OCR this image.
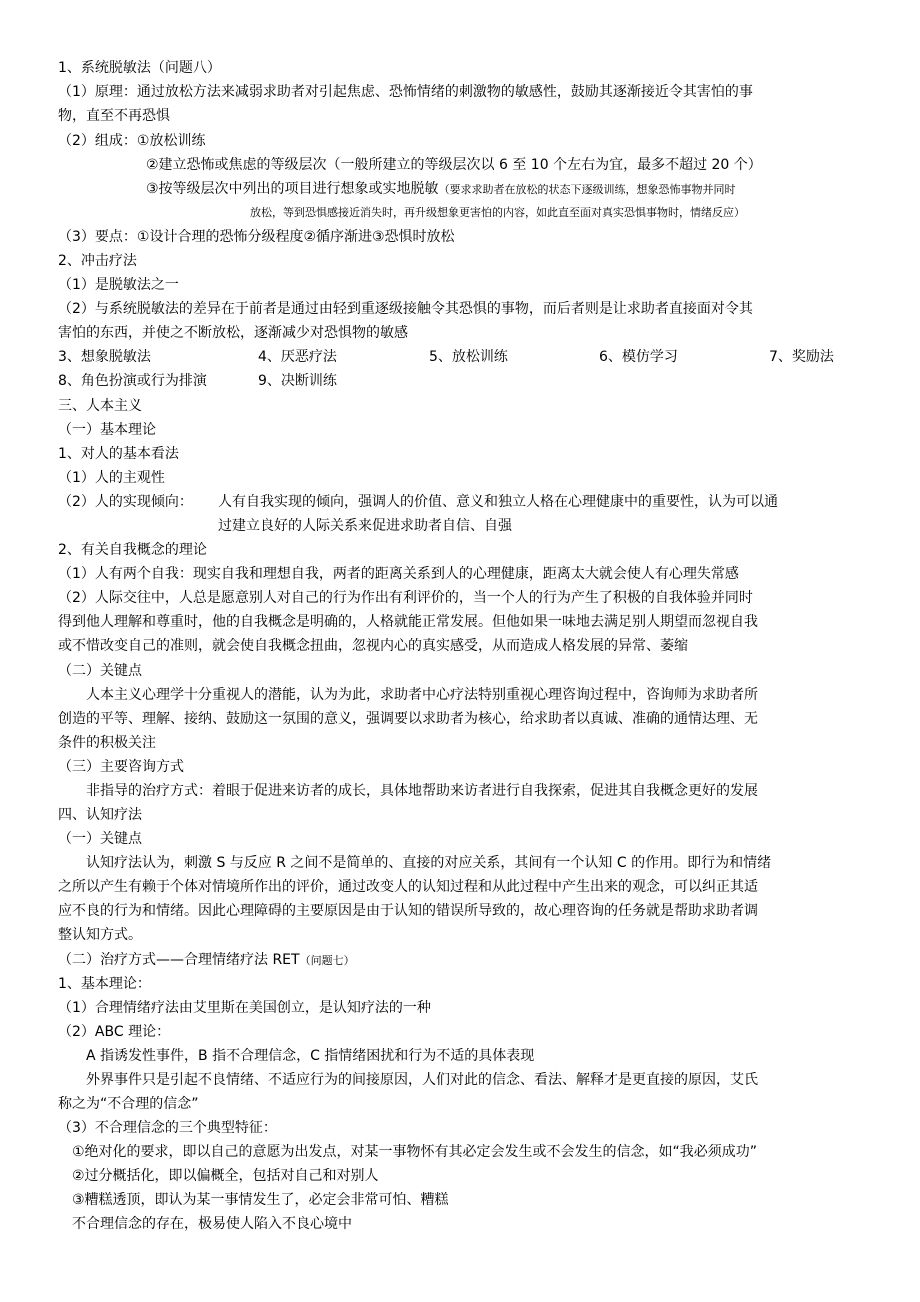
1、系统脱敏法（问题八）
（1）原理：通过放松方法来减弱求助者对引起焦虑、恐怖情绪的刺激物的敏感性，鼓励其逐渐接近令其害怕的事
物，直至不再恐惧
（2）组成：①放松训练
②建立恐怖或焦虑的等级层次（一般所建立的等级层次以 6 至 10 个左右为宜，最多不超过 20 个）
③按等级层次中列出的项目进行想象或实地脱敏（要求求助者在放松的状态下逐级训练，想象恐怖事物并同时
放松，等到恐惧感接近消失时，再升级想象更害怕的内容，如此直至面对真实恐惧事物时，情绪反应）
（3）要点：①设计合理的恐怖分级程度②循序渐进③恐惧时放松
2、冲击疗法
（1）是脱敏法之一
（2）与系统脱敏法的差异在于前者是通过由轻到重逐级接触令其恐惧的事物，而后者则是让求助者直接面对令其
害怕的东西，并使之不断放松，逐渐减少对恐惧物的敏感
3、想象脱敏法	4、厌恶疗法	5、放松训练	6、模仿学习	7、奖励法
8、角色扮演或行为排演	9、决断训练
三、人本主义
（一）基本理论
1、对人的基本看法
（1）人的主观性
（2）人的实现倾向： 人有自我实现的倾向，强调人的价值、意义和独立人格在心理健康中的重要性，认为可以通
过建立良好的人际关系来促进求助者自信、自强
2、有关自我概念的理论
（1）人有两个自我：现实自我和理想自我，两者的距离关系到人的心理健康，距离太大就会使人有心理失常感
（2）人际交往中，人总是愿意别人对自己的行为作出有利评价的，当一个人的行为产生了积极的自我体验并同时
得到他人理解和尊重时，他的自我概念是明确的，人格就能正常发展。但他如果一味地去满足别人期望而忽视自我
或不惜改变自己的准则，就会使自我概念扭曲，忽视内心的真实感受，从而造成人格发展的异常、萎缩
（二）关键点
人本主义心理学十分重视人的潜能，认为为此，求助者中心疗法特别重视心理咨询过程中，咨询师为求助者所
创造的平等、理解、接纳、鼓励这一氛围的意义，强调要以求助者为核心，给求助者以真诚、准确的通情达理、无
条件的积极关注
（三）主要咨询方式
非指导的治疗方式：着眼于促进来访者的成长，具体地帮助来访者进行自我探索，促进其自我概念更好的发展
四、认知疗法
（一）关键点
认知疗法认为，刺激 S 与反应 R 之间不是简单的、直接的对应关系，其间有一个认知 C 的作用。即行为和情绪
之所以产生有赖于个体对情境所作出的评价，通过改变人的认知过程和从此过程中产生出来的观念，可以纠正其适
应不良的行为和情绪。因此心理障碍的主要原因是由于认知的错误所导致的，故心理咨询的任务就是帮助求助者调
整认知方式。
（二）治疗方式——合理情绪疗法 RET（问题七）
1、基本理论：
（1）合理情绪疗法由艾里斯在美国创立，是认知疗法的一种
（2）ABC 理论：
A 指诱发性事件，B 指不合理信念，C 指情绪困扰和行为不适的具体表现
外界事件只是引起不良情绪、不适应行为的间接原因，人们对此的信念、看法、解释才是更直接的原因，艾氏
称之为“不合理的信念”
（3）不合理信念的三个典型特征：
①绝对化的要求，即以自己的意愿为出发点，对某一事物怀有其必定会发生或不会发生的信念，如“我必须成功”
②过分概括化，即以偏概全，包括对自己和对别人
③糟糕透顶，即认为某一事情发生了，必定会非常可怕、糟糕
不合理信念的存在，极易使人陷入不良心境中
